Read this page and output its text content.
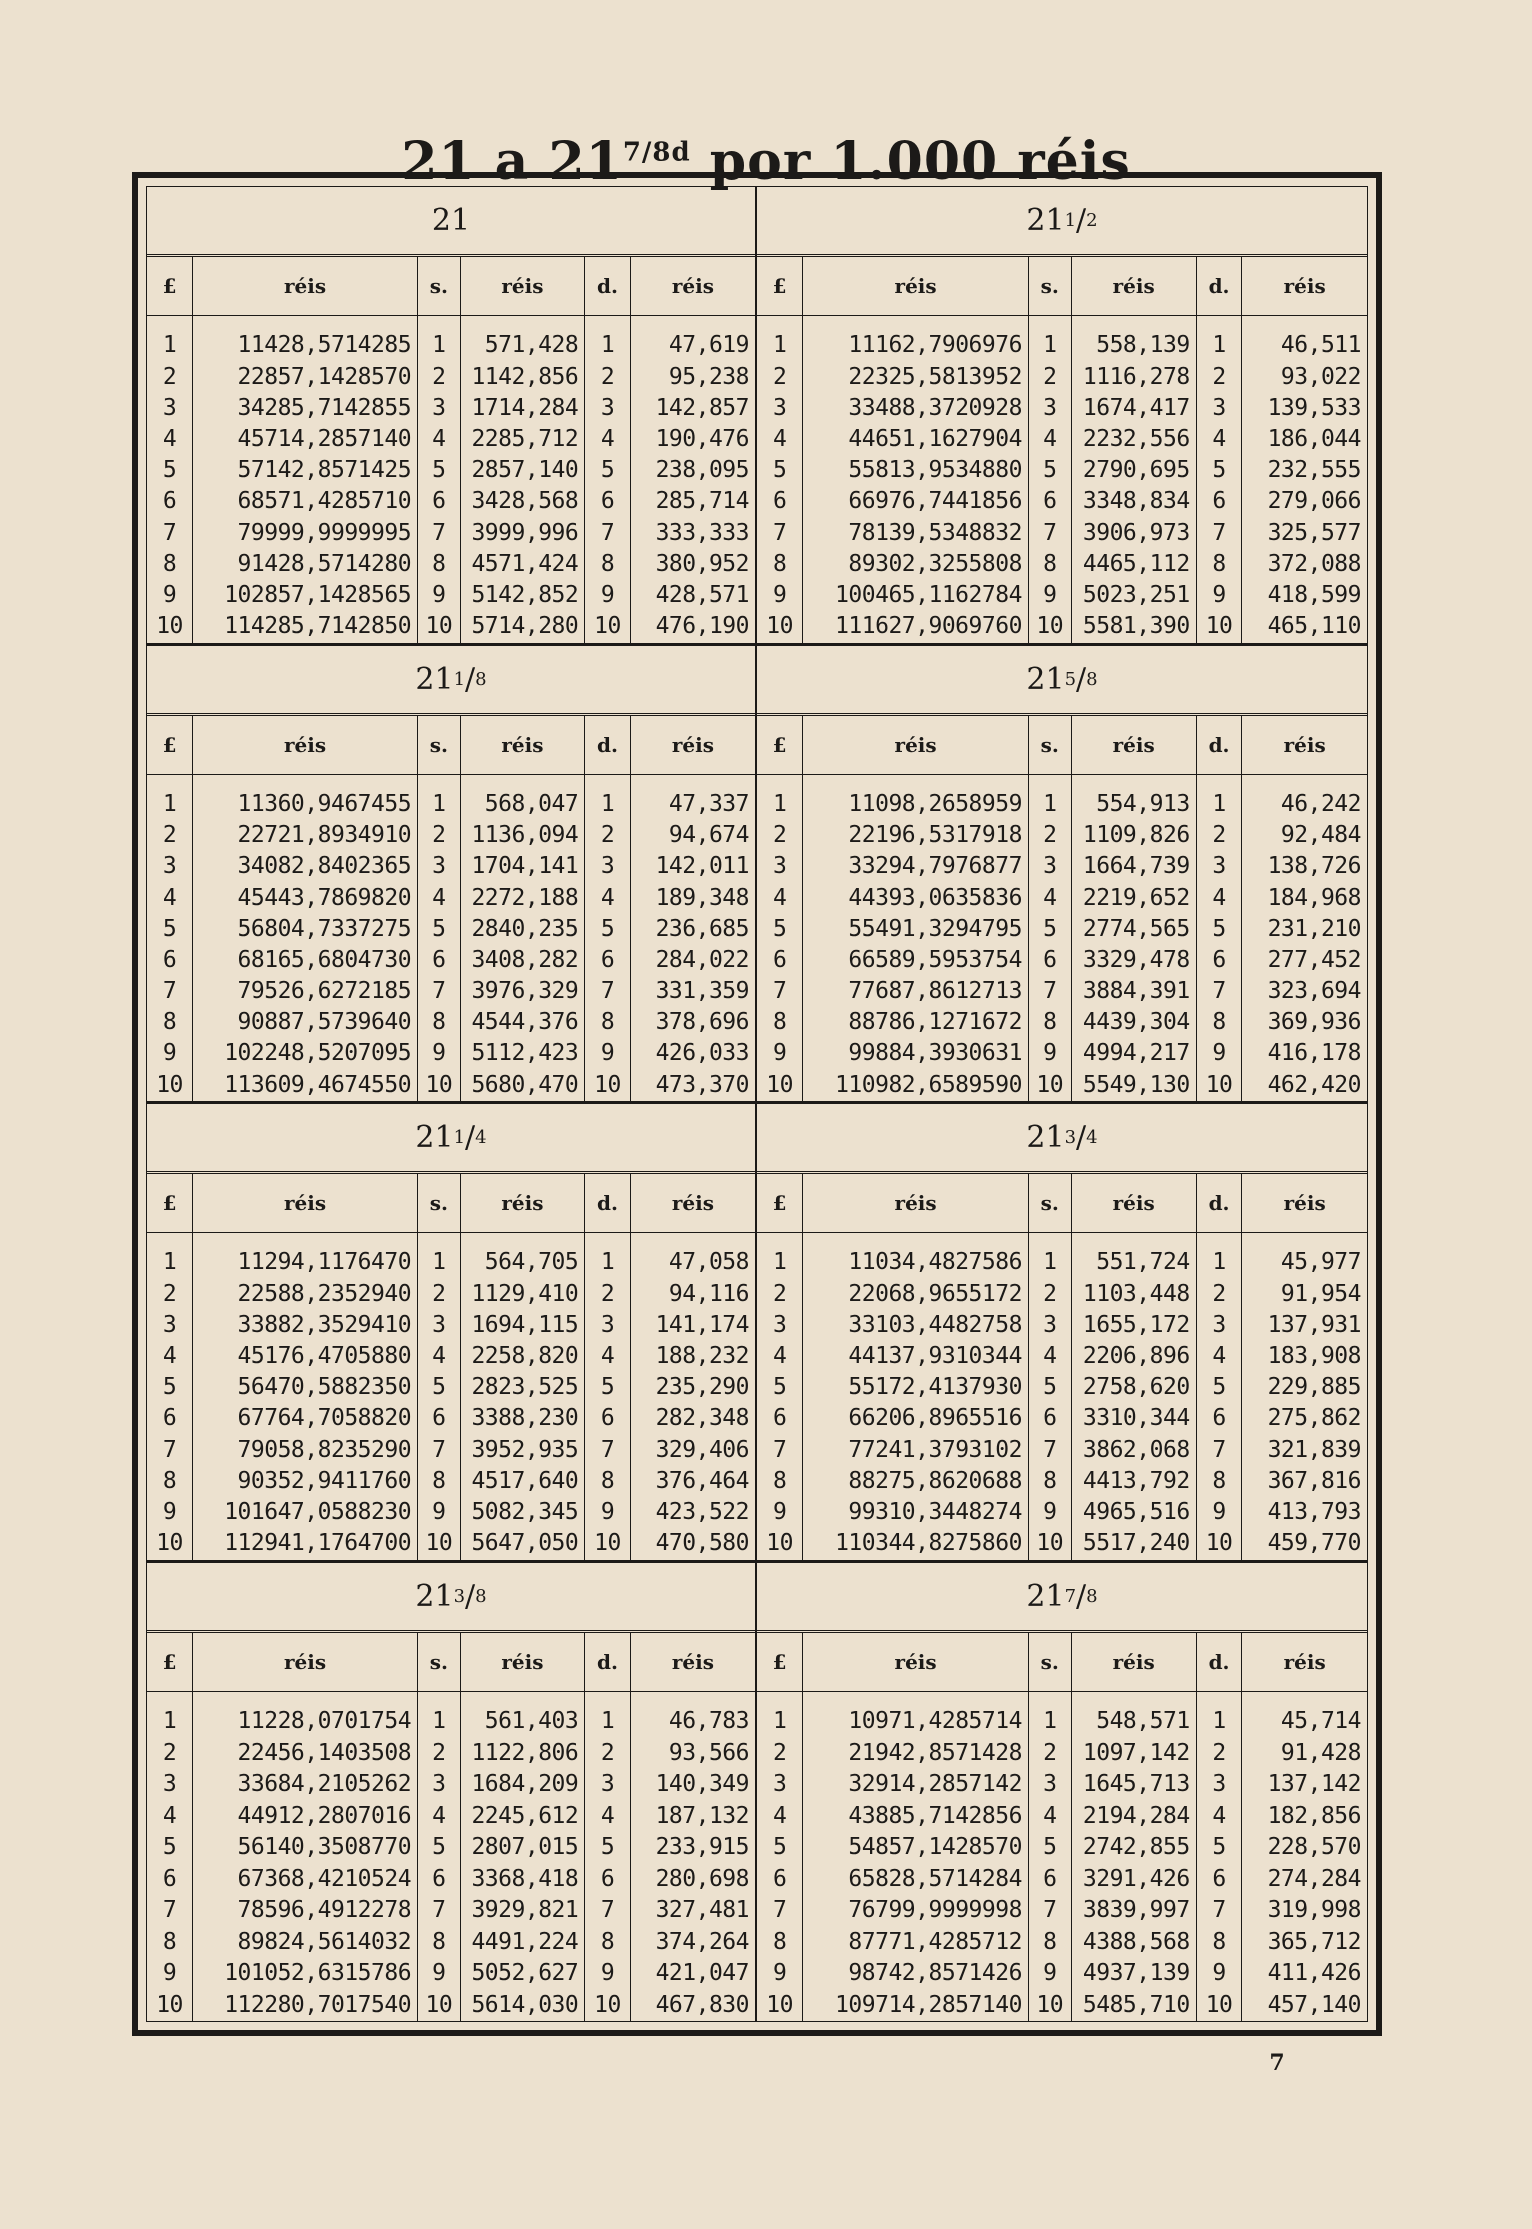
21 a $21^{7/8d}$ por 1.000 réis
21
£	réis	s.	réis	d.	réis
1	11428,5714285	1	571,428	1	47,619
2	22857,1428570	2	1142,856	2	95,238
3	34285,7142855	3	1714,284	3	142,857
4	45714,2857140	4	2285,712	4	190,476
5	57142,8571425	5	2857,140	5	238,095
6	68571,4285710	6	3428,568	6	285,714
7	79999,9999995	7	3999,996	7	333,333
8	91428,5714280	8	4571,424	8	380,952
9	102857,1428565	9	5142,852	9	428,571
10	114285,7142850	10	5714,280	10	476,190
21 1 / 2
£	réis	s.	réis	d.	réis
1	11162,7906976	1	558,139	1	46,511
2	22325,5813952	2	1116,278	2	93,022
3	33488,3720928	3	1674,417	3	139,533
4	44651,1627904	4	2232,556	4	186,044
5	55813,9534880	5	2790,695	5	232,555
6	66976,7441856	6	3348,834	6	279,066
7	78139,5348832	7	3906,973	7	325,577
8	89302,3255808	8	4465,112	8	372,088
9	100465,1162784	9	5023,251	9	418,599
10	111627,9069760	10	5581,390	10	465,110
21 1 / 8
£	réis	s.	réis	d.	réis
1	11360,9467455	1	568,047	1	47,337
2	22721,8934910	2	1136,094	2	94,674
3	34082,8402365	3	1704,141	3	142,011
4	45443,7869820	4	2272,188	4	189,348
5	56804,7337275	5	2840,235	5	236,685
6	68165,6804730	6	3408,282	6	284,022
7	79526,6272185	7	3976,329	7	331,359
8	90887,5739640	8	4544,376	8	378,696
9	102248,5207095	9	5112,423	9	426,033
10	113609,4674550	10	5680,470	10	473,370
21 5 / 8
£	réis	s.	réis	d.	réis
1	11098,2658959	1	554,913	1	46,242
2	22196,5317918	2	1109,826	2	92,484
3	33294,7976877	3	1664,739	3	138,726
4	44393,0635836	4	2219,652	4	184,968
5	55491,3294795	5	2774,565	5	231,210
6	66589,5953754	6	3329,478	6	277,452
7	77687,8612713	7	3884,391	7	323,694
8	88786,1271672	8	4439,304	8	369,936
9	99884,3930631	9	4994,217	9	416,178
10	110982,6589590	10	5549,130	10	462,420
21 1 / 4
£	réis	s.	réis	d.	réis
1	11294,1176470	1	564,705	1	47,058
2	22588,2352940	2	1129,410	2	94,116
3	33882,3529410	3	1694,115	3	141,174
4	45176,4705880	4	2258,820	4	188,232
5	56470,5882350	5	2823,525	5	235,290
6	67764,7058820	6	3388,230	6	282,348
7	79058,8235290	7	3952,935	7	329,406
8	90352,9411760	8	4517,640	8	376,464
9	101647,0588230	9	5082,345	9	423,522
10	112941,1764700	10	5647,050	10	470,580
21 3 / 4
£	réis	s.	réis	d.	réis
1	11034,4827586	1	551,724	1	45,977
2	22068,9655172	2	1103,448	2	91,954
3	33103,4482758	3	1655,172	3	137,931
4	44137,9310344	4	2206,896	4	183,908
5	55172,4137930	5	2758,620	5	229,885
6	66206,8965516	6	3310,344	6	275,862
7	77241,3793102	7	3862,068	7	321,839
8	88275,8620688	8	4413,792	8	367,816
9	99310,3448274	9	4965,516	9	413,793
10	110344,8275860	10	5517,240	10	459,770
21 3 / 8
£	réis	s.	réis	d.	réis
1	11228,0701754	1	561,403	1	46,783
2	22456,1403508	2	1122,806	2	93,566
3	33684,2105262	3	1684,209	3	140,349
4	44912,2807016	4	2245,612	4	187,132
5	56140,3508770	5	2807,015	5	233,915
6	67368,4210524	6	3368,418	6	280,698
7	78596,4912278	7	3929,821	7	327,481
8	89824,5614032	8	4491,224	8	374,264
9	101052,6315786	9	5052,627	9	421,047
10	112280,7017540	10	5614,030	10	467,830
21 7 / 8
£	réis	s.	réis	d.	réis
1	10971,4285714	1	548,571	1	45,714
2	21942,8571428	2	1097,142	2	91,428
3	32914,2857142	3	1645,713	3	137,142
4	43885,7142856	4	2194,284	4	182,856
5	54857,1428570	5	2742,855	5	228,570
6	65828,5714284	6	3291,426	6	274,284
7	76799,9999998	7	3839,997	7	319,998
8	87771,4285712	8	4388,568	8	365,712
9	98742,8571426	9	4937,139	9	411,426
10	109714,2857140	10	5485,710	10	457,140
7
